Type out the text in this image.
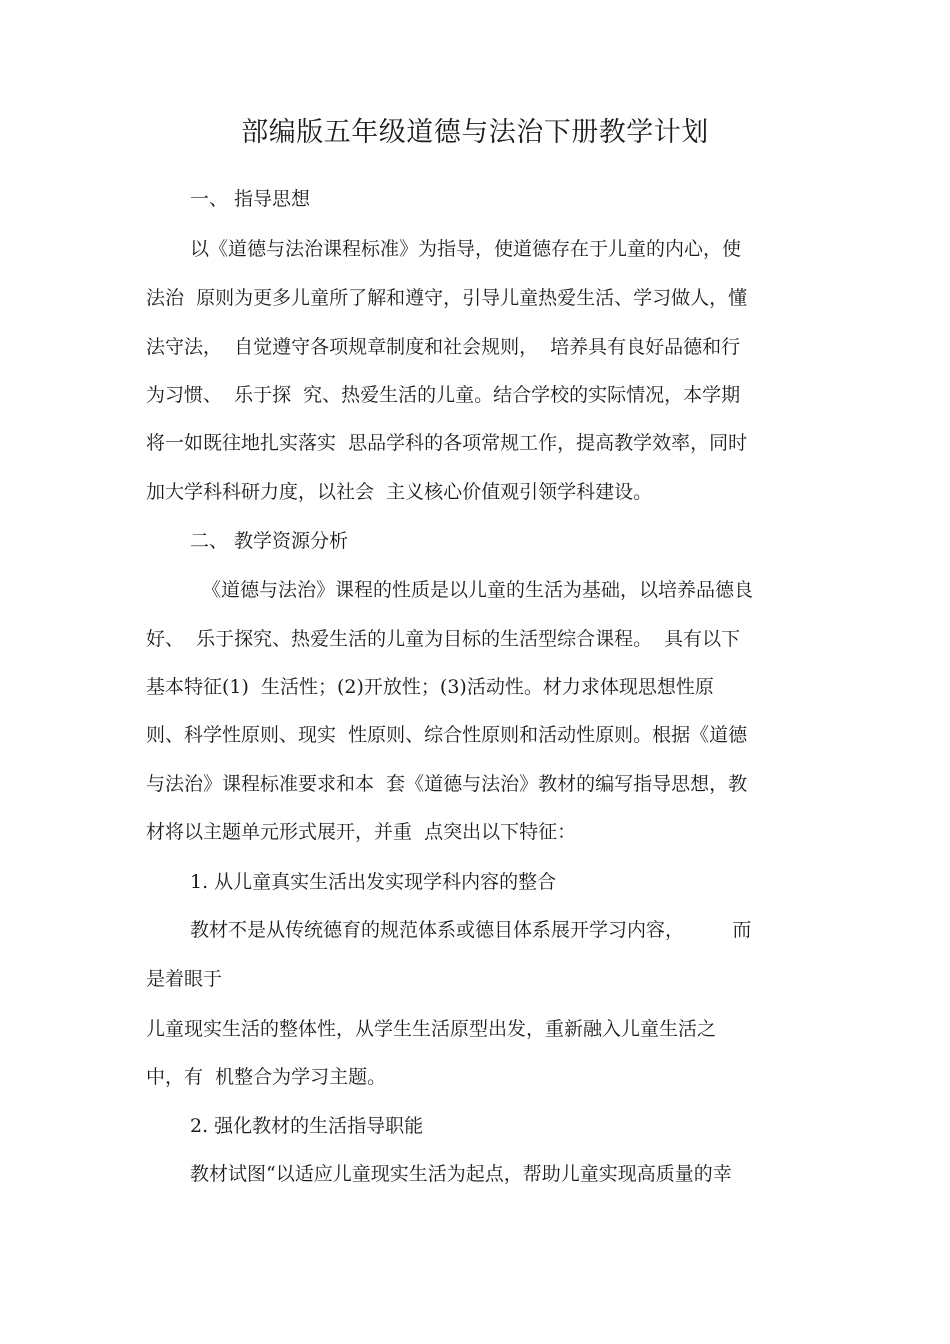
部编版五年级道德与法治下册教学计划
一、 指导思想
以《道德与法治课程标准》为指导，使道德存在于儿童的内心，使
法治  原则为更多儿童所了解和遵守，引导儿童热爱生活、学习做人，懂
法守法，  自觉遵守各项规章制度和社会规则，  培养具有良好品德和行
为习惯、  乐于探  究、热爱生活的儿童。结合学校的实际情况，本学期
将一如既往地扎实落实  思品学科的各项常规工作，提高教学效率，同时
加大学科科研力度，以社会  主义核心价值观引领学科建设。
二、 教学资源分析
《道德与法治》课程的性质是以儿童的生活为基础，以培养品德良
好、  乐于探究、热爱生活的儿童为目标的生活型综合课程。  具有以下
基本特征(1)  生活性；(2)开放性；(3)活动性。材力求体现思想性原
则、科学性原则、现实  性原则、综合性原则和活动性原则。根据《道德
与法治》课程标准要求和本  套《道德与法治》教材的编写指导思想，教
材将以主题单元形式展开，并重  点突出以下特征：
1. 从儿童真实生活出发实现学科内容的整合
教材不是从传统德育的规范体系或德目体系展开学习内容，        而
是着眼于
儿童现实生活的整体性，从学生生活原型出发，重新融入儿童生活之
中，有  机整合为学习主题。
2. 强化教材的生活指导职能
教材试图“以适应儿童现实生活为起点，帮助儿童实现高质量的幸
